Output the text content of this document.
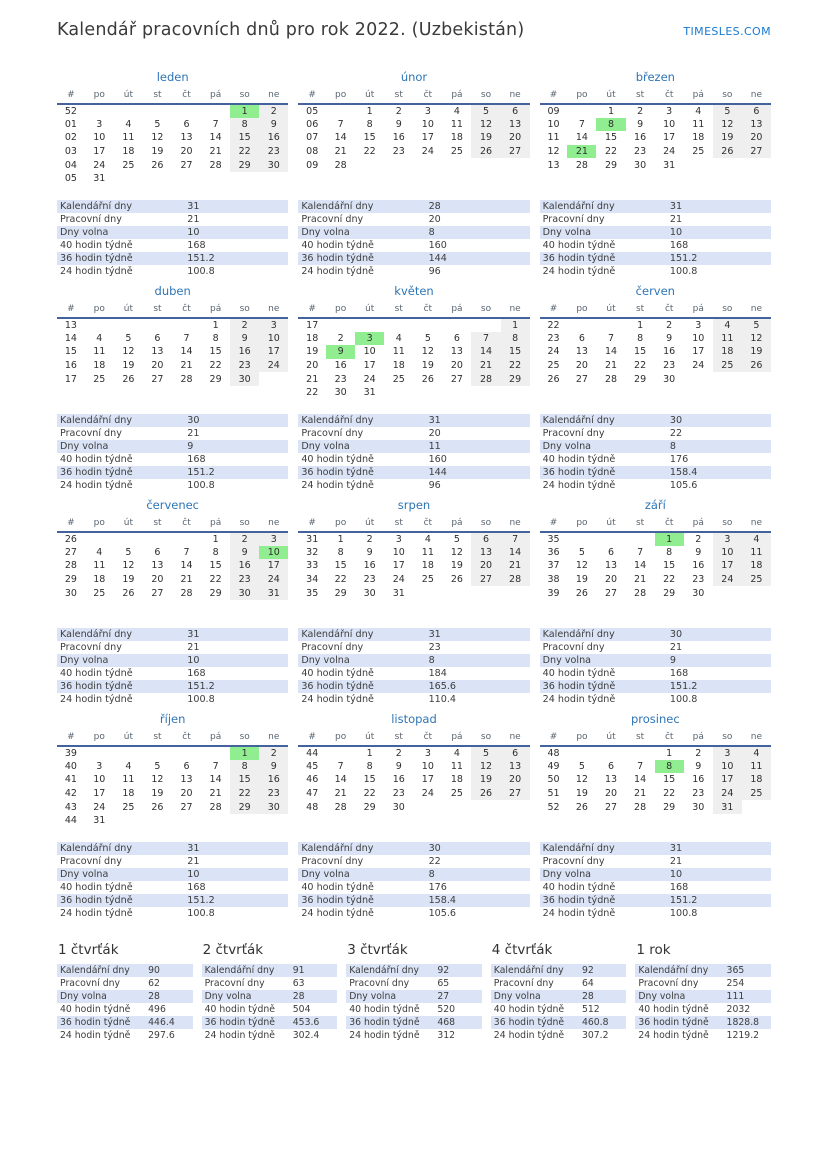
Kalendář pracovních dnů pro rok 2022. (Uzbekistán)	TIMESLES.COM
leden
#	po	út	st	čt	pá	so	ne
52						1	2
01	3	4	5	6	7	8	9
02	10	11	12	13	14	15	16
03	17	18	19	20	21	22	23
04	24	25	26	27	28	29	30
05	31						
Kalendářní dny	31
Pracovní dny	21
Dny volna	10
40 hodin týdně	168
36 hodin týdně	151.2
24 hodin týdně	100.8
únor
#	po	út	st	čt	pá	so	ne
05		1	2	3	4	5	6
06	7	8	9	10	11	12	13
07	14	15	16	17	18	19	20
08	21	22	23	24	25	26	27
09	28						
Kalendářní dny	28
Pracovní dny	20
Dny volna	8
40 hodin týdně	160
36 hodin týdně	144
24 hodin týdně	96
březen
#	po	út	st	čt	pá	so	ne
09		1	2	3	4	5	6
10	7	8	9	10	11	12	13
11	14	15	16	17	18	19	20
12	21	22	23	24	25	26	27
13	28	29	30	31			
Kalendářní dny	31
Pracovní dny	21
Dny volna	10
40 hodin týdně	168
36 hodin týdně	151.2
24 hodin týdně	100.8
duben
#	po	út	st	čt	pá	so	ne
13					1	2	3
14	4	5	6	7	8	9	10
15	11	12	13	14	15	16	17
16	18	19	20	21	22	23	24
17	25	26	27	28	29	30	
Kalendářní dny	30
Pracovní dny	21
Dny volna	9
40 hodin týdně	168
36 hodin týdně	151.2
24 hodin týdně	100.8
květen
#	po	út	st	čt	pá	so	ne
17							1
18	2	3	4	5	6	7	8
19	9	10	11	12	13	14	15
20	16	17	18	19	20	21	22
21	23	24	25	26	27	28	29
22	30	31					
Kalendářní dny	31
Pracovní dny	20
Dny volna	11
40 hodin týdně	160
36 hodin týdně	144
24 hodin týdně	96
červen
#	po	út	st	čt	pá	so	ne
22			1	2	3	4	5
23	6	7	8	9	10	11	12
24	13	14	15	16	17	18	19
25	20	21	22	23	24	25	26
26	27	28	29	30			
Kalendářní dny	30
Pracovní dny	22
Dny volna	8
40 hodin týdně	176
36 hodin týdně	158.4
24 hodin týdně	105.6
červenec
#	po	út	st	čt	pá	so	ne
26					1	2	3
27	4	5	6	7	8	9	10
28	11	12	13	14	15	16	17
29	18	19	20	21	22	23	24
30	25	26	27	28	29	30	31
Kalendářní dny	31
Pracovní dny	21
Dny volna	10
40 hodin týdně	168
36 hodin týdně	151.2
24 hodin týdně	100.8
srpen
#	po	út	st	čt	pá	so	ne
31	1	2	3	4	5	6	7
32	8	9	10	11	12	13	14
33	15	16	17	18	19	20	21
34	22	23	24	25	26	27	28
35	29	30	31				
Kalendářní dny	31
Pracovní dny	23
Dny volna	8
40 hodin týdně	184
36 hodin týdně	165.6
24 hodin týdně	110.4
září
#	po	út	st	čt	pá	so	ne
35				1	2	3	4
36	5	6	7	8	9	10	11
37	12	13	14	15	16	17	18
38	19	20	21	22	23	24	25
39	26	27	28	29	30		
Kalendářní dny	30
Pracovní dny	21
Dny volna	9
40 hodin týdně	168
36 hodin týdně	151.2
24 hodin týdně	100.8
říjen
#	po	út	st	čt	pá	so	ne
39						1	2
40	3	4	5	6	7	8	9
41	10	11	12	13	14	15	16
42	17	18	19	20	21	22	23
43	24	25	26	27	28	29	30
44	31						
Kalendářní dny	31
Pracovní dny	21
Dny volna	10
40 hodin týdně	168
36 hodin týdně	151.2
24 hodin týdně	100.8
listopad
#	po	út	st	čt	pá	so	ne
44		1	2	3	4	5	6
45	7	8	9	10	11	12	13
46	14	15	16	17	18	19	20
47	21	22	23	24	25	26	27
48	28	29	30				
Kalendářní dny	30
Pracovní dny	22
Dny volna	8
40 hodin týdně	176
36 hodin týdně	158.4
24 hodin týdně	105.6
prosinec
#	po	út	st	čt	pá	so	ne
48				1	2	3	4
49	5	6	7	8	9	10	11
50	12	13	14	15	16	17	18
51	19	20	21	22	23	24	25
52	26	27	28	29	30	31	
Kalendářní dny	31
Pracovní dny	21
Dny volna	10
40 hodin týdně	168
36 hodin týdně	151.2
24 hodin týdně	100.8
1 čtvrťák
Kalendářní dny	90
Pracovní dny	62
Dny volna	28
40 hodin týdně	496
36 hodin týdně	446.4
24 hodin týdně	297.6
2 čtvrťák
Kalendářní dny	91
Pracovní dny	63
Dny volna	28
40 hodin týdně	504
36 hodin týdně	453.6
24 hodin týdně	302.4
3 čtvrťák
Kalendářní dny	92
Pracovní dny	65
Dny volna	27
40 hodin týdně	520
36 hodin týdně	468
24 hodin týdně	312
4 čtvrťák
Kalendářní dny	92
Pracovní dny	64
Dny volna	28
40 hodin týdně	512
36 hodin týdně	460.8
24 hodin týdně	307.2
1 rok
Kalendářní dny	365
Pracovní dny	254
Dny volna	111
40 hodin týdně	2032
36 hodin týdně	1828.8
24 hodin týdně	1219.2
